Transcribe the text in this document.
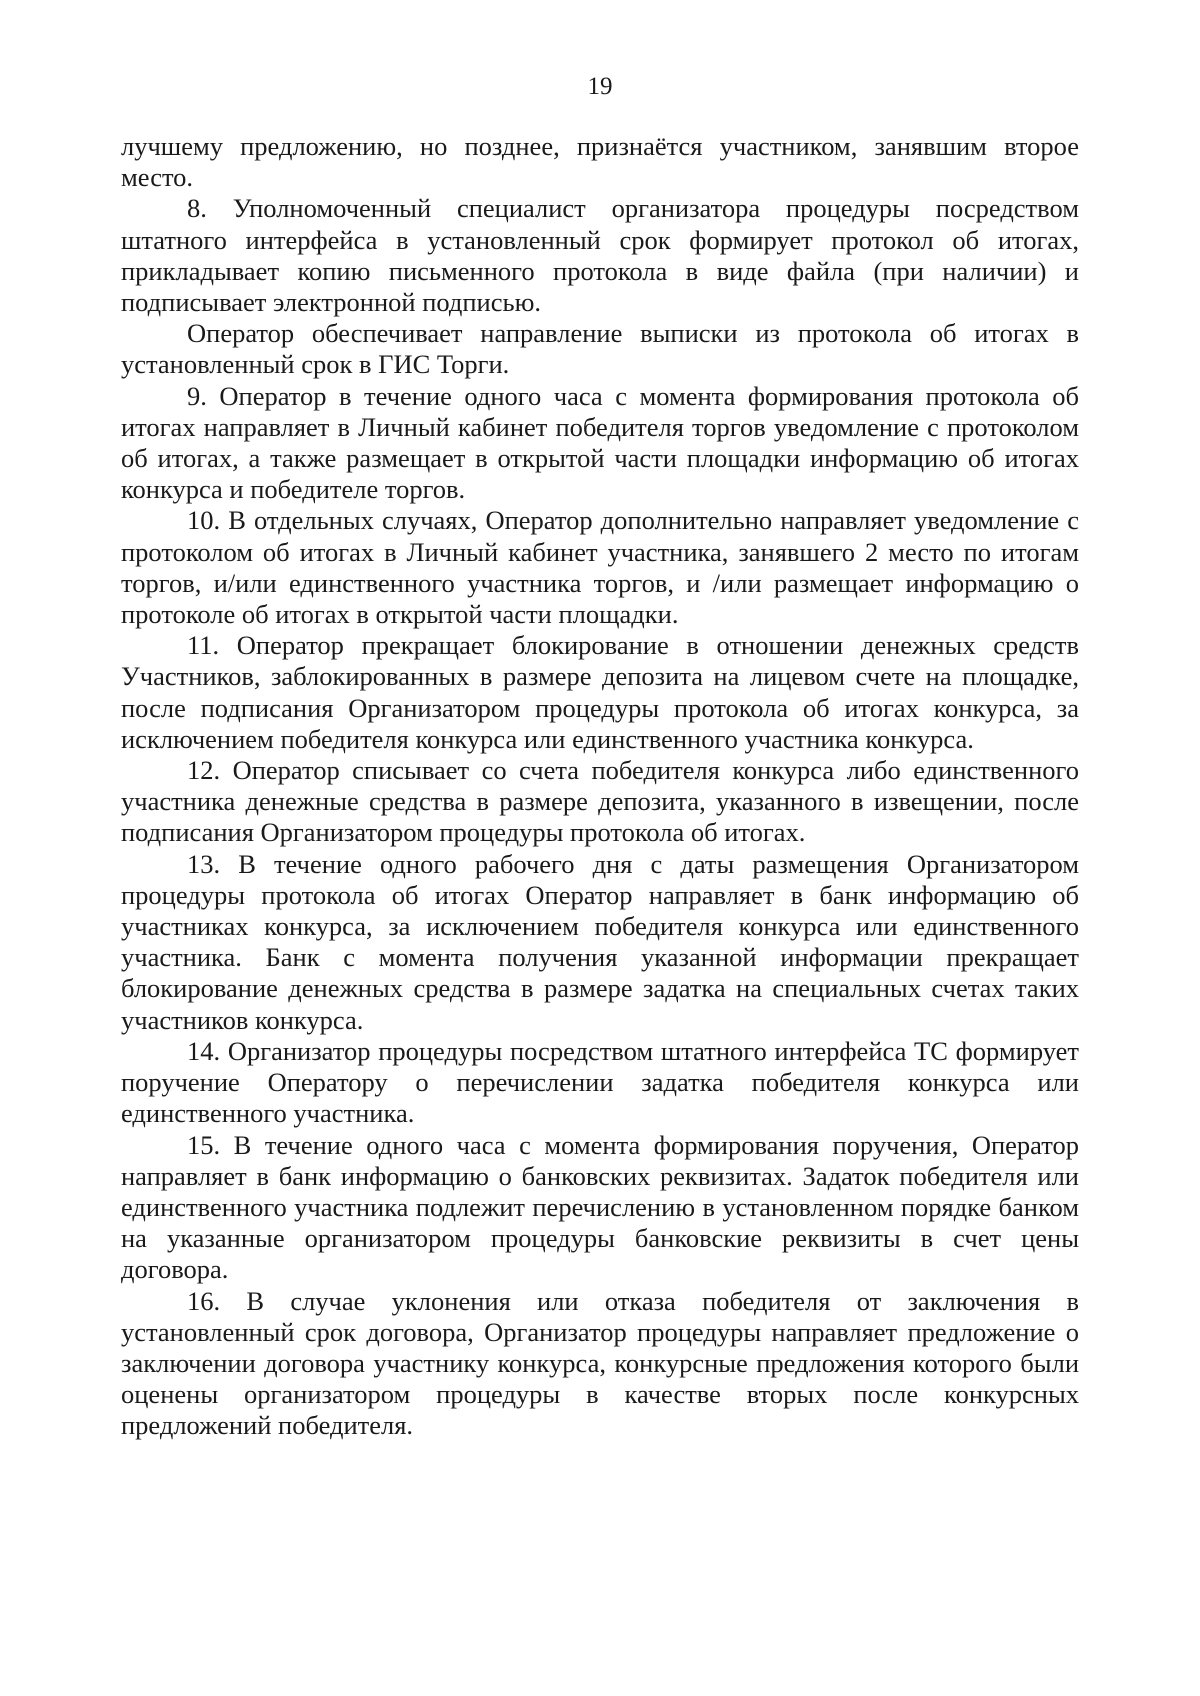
19

лучшему предложению, но позднее, признаётся участником, занявшим второе место.

8. Уполномоченный специалист организатора процедуры посредством штатного интерфейса в установленный срок формирует протокол об итогах, прикладывает копию письменного протокола в виде файла (при наличии) и подписывает электронной подписью.

Оператор обеспечивает направление выписки из протокола об итогах в установленный срок в ГИС Торги.

9. Оператор в течение одного часа с момента формирования протокола об итогах направляет в Личный кабинет победителя торгов уведомление с протоколом об итогах, а также размещает в открытой части площадки информацию об итогах конкурса и победителе торгов.

10. В отдельных случаях, Оператор дополнительно направляет уведомление с протоколом об итогах в Личный кабинет участника, занявшего 2 место по итогам торгов, и/или единственного участника торгов, и /или размещает информацию о протоколе об итогах в открытой части площадки.

11. Оператор прекращает блокирование в отношении денежных средств Участников, заблокированных в размере депозита на лицевом счете на площадке, после подписания Организатором процедуры протокола об итогах конкурса, за исключением победителя конкурса или единственного участника конкурса.

12. Оператор списывает со счета победителя конкурса либо единственного участника денежные средства в размере депозита, указанного в извещении, после подписания Организатором процедуры протокола об итогах.

13. В течение одного рабочего дня с даты размещения Организатором процедуры протокола об итогах Оператор направляет в банк информацию об участниках конкурса, за исключением победителя конкурса или единственного участника. Банк с момента получения указанной информации прекращает блокирование денежных средства в размере задатка на специальных счетах таких участников конкурса.

14. Организатор процедуры посредством штатного интерфейса ТС формирует поручение Оператору о перечислении задатка победителя конкурса или единственного участника.

15. В течение одного часа с момента формирования поручения, Оператор направляет в банк информацию о банковских реквизитах. Задаток победителя или единственного участника подлежит перечислению в установленном порядке банком на указанные организатором процедуры банковские реквизиты в счет цены договора.

16. В случае уклонения или отказа победителя от заключения в установленный срок договора, Организатор процедуры направляет предложение о заключении договора участнику конкурса, конкурсные предложения которого были оценены организатором процедуры в качестве вторых после конкурсных предложений победителя.
